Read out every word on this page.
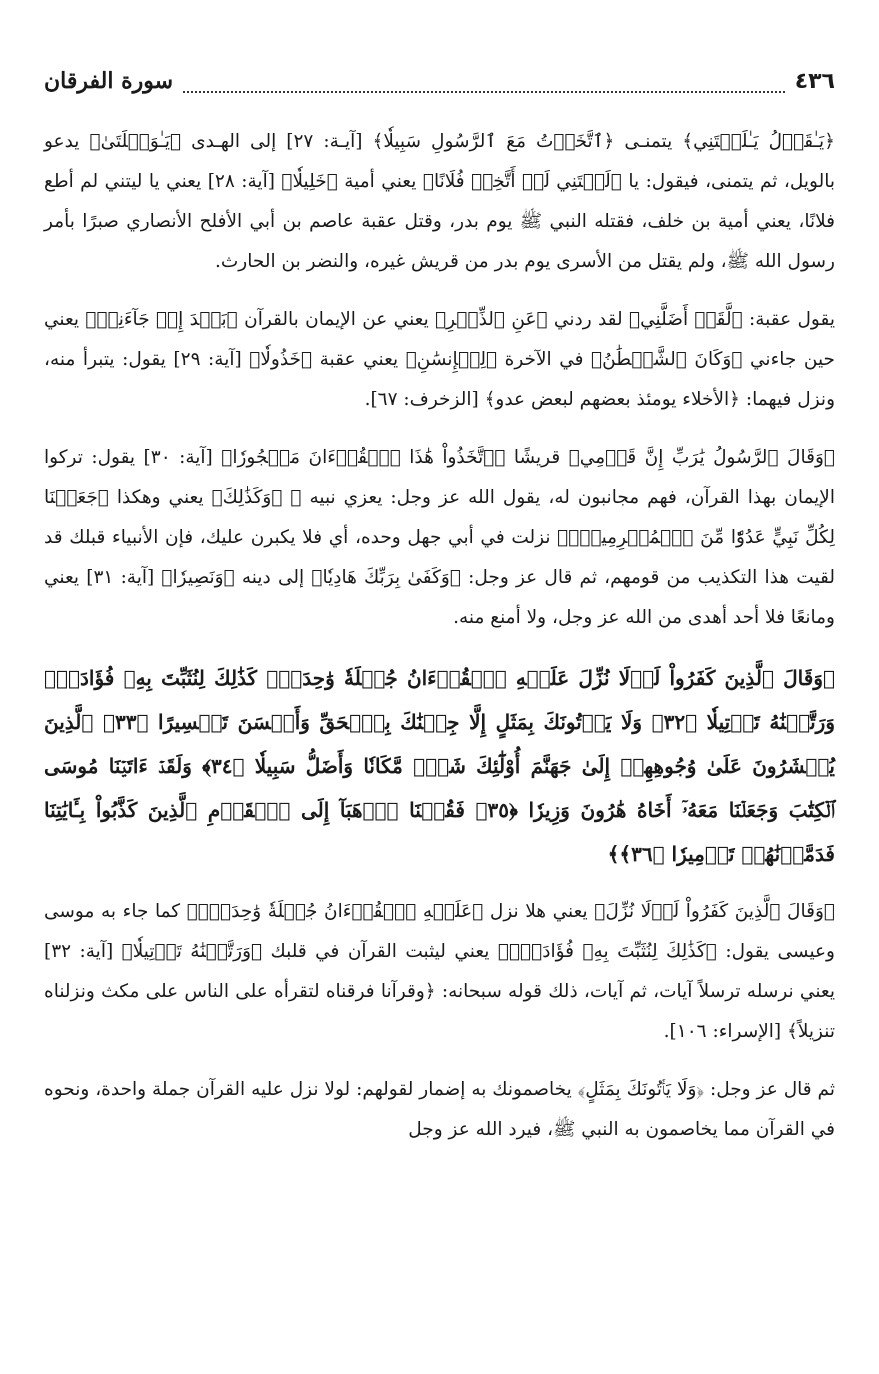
٤٣٦
سورة الفرقان

﴿يَـٰقَوۡلُ يَـٰلَيۡتَنِي﴾ يتمنـى ﴿ٱتَّخَذۡتُ مَعَ ٱلرَّسُولِ سَبِيلٗا﴾ [آيـة: ٢٧] إلى الهـدى ﴿يَـٰوَيۡلَتَىٰ﴾ يدعو بالويل، ثم يتمنى، فيقول: يا ﴿لَيۡتَنِي لَمۡ أَتَّخِذۡ فُلَانًا﴾ يعني أمية ﴿خَلِيلٗا﴾ [آية: ٢٨] يعني يا ليتني لم أطع فلانًا، يعني أمية بن خلف، فقتله النبي ﷺ يوم بدر، وقتل عقبة عاصم بن أبي الأفلح الأنصاري صبرًا بأمر رسول الله ﷺ، ولم يقتل من الأسرى يوم بدر من قريش غيره، والنضر بن الحارث.

يقول عقبة: ﴿لَّقَدۡ أَضَلَّنِي﴾ لقد ردني ﴿عَنِ ٱلذِّكۡرِ﴾ يعني عن الإيمان بالقرآن ﴿بَعۡدَ إِذۡ جَآءَنِيۗ﴾ يعني حين جاءني ﴿وَكَانَ ٱلشَّيۡطَٰنُ﴾ في الآخرة ﴿لِلۡإِنسَٰنِ﴾ يعني عقبة ﴿خَذُولٗا﴾ [آية: ٢٩] يقول: يتبرأ منه، ونزل فيهما: ﴿الأخلاء يومئذ بعضهم لبعض عدو﴾ [الزخرف: ٦٧].

﴿وَقَالَ ٱلرَّسُولُ يَٰرَبِّ إِنَّ قَوۡمِي﴾ قريشًا ﴿ٱتَّخَذُواْ هَٰذَا ٱلۡقُرۡءَانَ مَهۡجُورٗا﴾ [آية: ٣٠] يقول: تركوا الإيمان بهذا القرآن، فهم مجانبون له، يقول الله عز وجل: يعزي نبيه ﷺ ﴿وَكَذَٰلِكَ﴾ يعني وهكذا ﴿جَعَلۡنَا لِكُلِّ نَبِيٍّ عَدُوّٗا مِّنَ ٱلۡمُجۡرِمِينَۗ﴾ نزلت في أبي جهل وحده، أي فلا يكبرن عليك، فإن الأنبياء قبلك قد لقيت هذا التكذيب من قومهم، ثم قال عز وجل: ﴿وَكَفَىٰ بِرَبِّكَ هَادِيٗا﴾ إلى دينه ﴿وَنَصِيرٗا﴾ [آية: ٣١] يعني ومانعًا فلا أحد أهدى من الله عز وجل، ولا أمنع منه.

﴿وَقَالَ ٱلَّذِينَ كَفَرُواْ لَوۡلَا نُزِّلَ عَلَيۡهِ ٱلۡقُرۡءَانُ جُمۡلَةٗ وَٰحِدَةٗۚ كَذَٰلِكَ لِنُثَبِّتَ بِهِۦ فُؤَادَكَۖ وَرَتَّلۡنَٰهُ تَرۡتِيلٗا ﴿٣٢﴾ وَلَا يَأۡتُونَكَ بِمَثَلٍ إِلَّا جِئۡنَٰكَ بِٱلۡحَقِّ وَأَحۡسَنَ تَفۡسِيرًا ﴿٣٣﴾ ٱلَّذِينَ يُحۡشَرُونَ عَلَىٰ وُجُوهِهِمۡ إِلَىٰ جَهَنَّمَ أُوْلَٰٓئِكَ شَرّٞ مَّكَانٗا وَأَضَلُّ سَبِيلٗا ﴿٣٤﴾ وَلَقَدۡ ءَاتَيۡنَا مُوسَى ٱلۡكِتَٰبَ وَجَعَلۡنَا مَعَهُۥٓ أَخَاهُ هَٰرُونَ وَزِيرٗا ﴿٣٥﴾ فَقُلۡنَا ٱذۡهَبَآ إِلَى ٱلۡقَوۡمِ ٱلَّذِينَ كَذَّبُواْ بِـَٔايَٰتِنَا فَدَمَّرۡنَٰهُمۡ تَدۡمِيرٗا ﴿٣٦﴾﴾

﴿وَقَالَ ٱلَّذِينَ كَفَرُواْ لَوۡلَا نُزِّلَ﴾ يعني هلا نزل ﴿عَلَيۡهِ ٱلۡقُرۡءَانُ جُمۡلَةٗ وَٰحِدَةٗۚ﴾ كما جاء به موسى وعيسى يقول: ﴿كَذَٰلِكَ لِنُثَبِّتَ بِهِۦ فُؤَادَكَۖ﴾ يعني ليثبت القرآن في قلبك ﴿وَرَتَّلۡنَٰهُ تَرۡتِيلٗا﴾ [آية: ٣٢] يعني نرسله ترسلاً آيات، ثم آيات، ذلك قوله سبحانه: ﴿وقرآنا فرقناه لتقرأه على الناس على مكث ونزلناه تنزيلاً﴾ [الإسراء: ١٠٦].

ثم قال عز وجل: ﴿وَلَا يَأۡتُونَكَ بِمَثَلٍ﴾ يخاصمونك به إضمار لقولهم: لولا نزل عليه القرآن جملة واحدة، ونحوه في القرآن مما يخاصمون به النبي ﷺ، فيرد الله عز وجل
